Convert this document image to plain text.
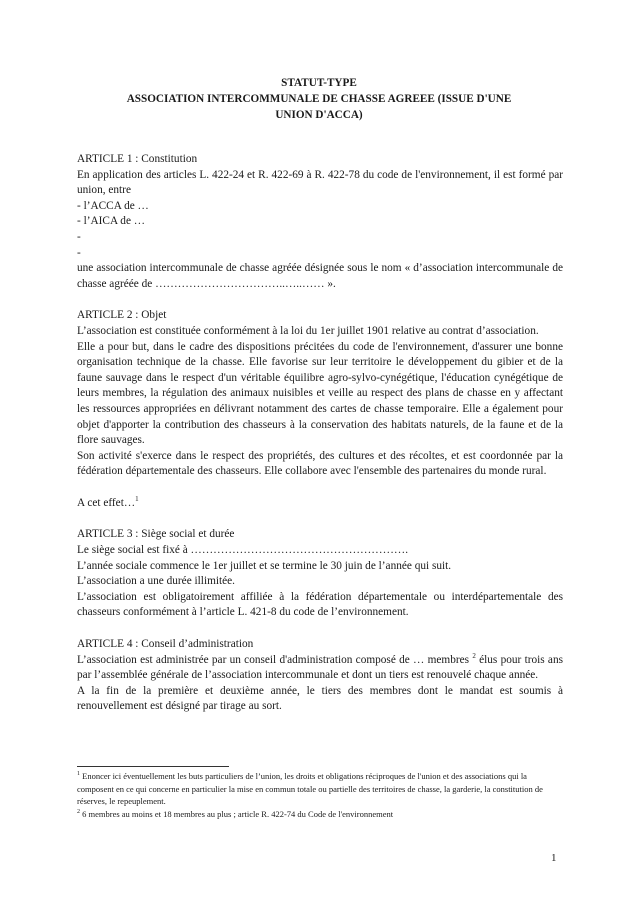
STATUT-TYPE
ASSOCIATION INTERCOMMUNALE DE CHASSE AGREEE (ISSUE D'UNE
UNION D'ACCA)

ARTICLE 1 : Constitution

En application des articles L. 422-24 et R. 422-69 à R. 422-78 du code de l'environnement, il est formé par union, entre

- l’ACCA de …

- l’AICA de …

-

-

une association intercommunale de chasse agréée désignée sous le nom « d’association intercommunale de chasse agréée de ……………………………..…..…… ».

ARTICLE 2 : Objet

L’association est constituée conformément à la loi du 1er juillet 1901 relative au contrat d’association.

Elle a pour but, dans le cadre des dispositions précitées du code de l'environnement, d'assurer une bonne organisation technique de la chasse. Elle favorise sur leur territoire le développement du gibier et de la faune sauvage dans le respect d'un véritable équilibre agro-sylvo-cynégétique, l'éducation cynégétique de leurs membres, la régulation des animaux nuisibles et veille au respect des plans de chasse en y affectant les ressources appropriées en délivrant notamment des cartes de chasse temporaire. Elle a également pour objet d'apporter la contribution des chasseurs à la conservation des habitats naturels, de la faune et de la flore sauvages.

Son activité s'exerce dans le respect des propriétés, des cultures et des récoltes, et est coordonnée par la fédération départementale des chasseurs. Elle collabore avec l'ensemble des partenaires du monde rural.

A cet effet…$^1$

ARTICLE 3 : Siège social et durée

Le siège social est fixé à ………………………………………………….

L’année sociale commence le 1er juillet et se termine le 30 juin de l’année qui suit.

L’association a une durée illimitée.

L’association est obligatoirement affiliée à la fédération départementale ou interdépartementale des chasseurs conformément à l’article L. 421-8 du code de l’environnement.

ARTICLE 4 : Conseil d’administration

L’association est administrée par un conseil d'administration composé de … membres $^2$ élus pour trois ans par l’assemblée générale de l’association intercommunale et dont un tiers est renouvelé chaque année.

A la fin de la première et deuxième année, le tiers des membres dont le mandat est soumis à renouvellement est désigné par tirage au sort.

$^1$ Enoncer ici éventuellement les buts particuliers de l’union, les droits et obligations réciproques de l'union et des associations qui la composent en ce qui concerne en particulier la mise en commun totale ou partielle des territoires de chasse, la garderie, la constitution de réserves, le repeuplement.

$^2$ 6 membres au moins et 18 membres au plus ; article R. 422-74 du Code de l'environnement

1
